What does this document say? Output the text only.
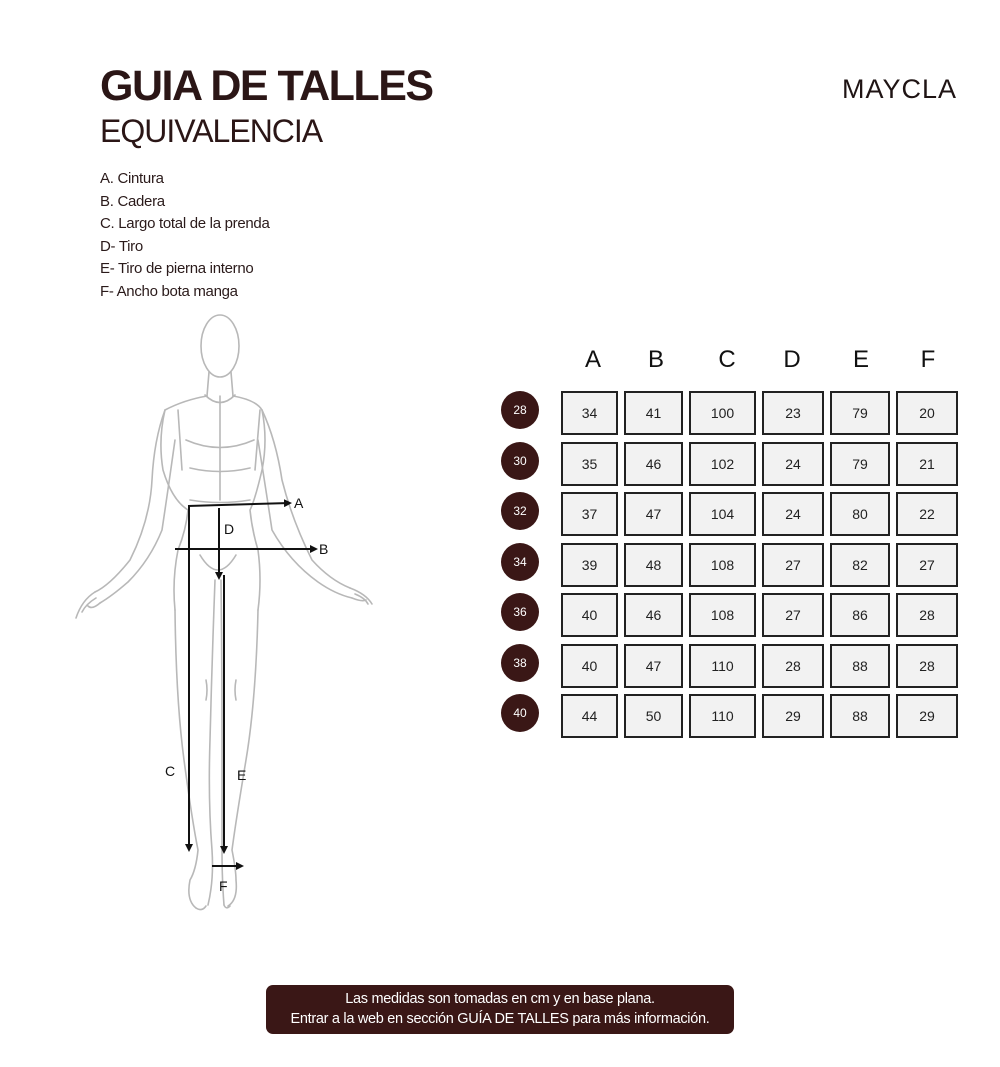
GUIA DE TALLES
EQUIVALENCIA
MAYCLA
A. Cintura
B. Cadera
C. Largo total de la prenda
D- Tiro
E- Tiro de pierna interno
F- Ancho bota manga
A
B
C
D
E
F
A	B	C	D	E	F
28	34	41	100	23	79	20
30	35	46	102	24	79	21
32	37	47	104	24	80	22
34	39	48	108	27	82	27
36	40	46	108	27	86	28
38	40	47	110	28	88	28
40	44	50	110	29	88	29
Las medidas son tomadas en cm y en base plana.
Entrar a la web en sección GUÍA DE TALLES para más información.
